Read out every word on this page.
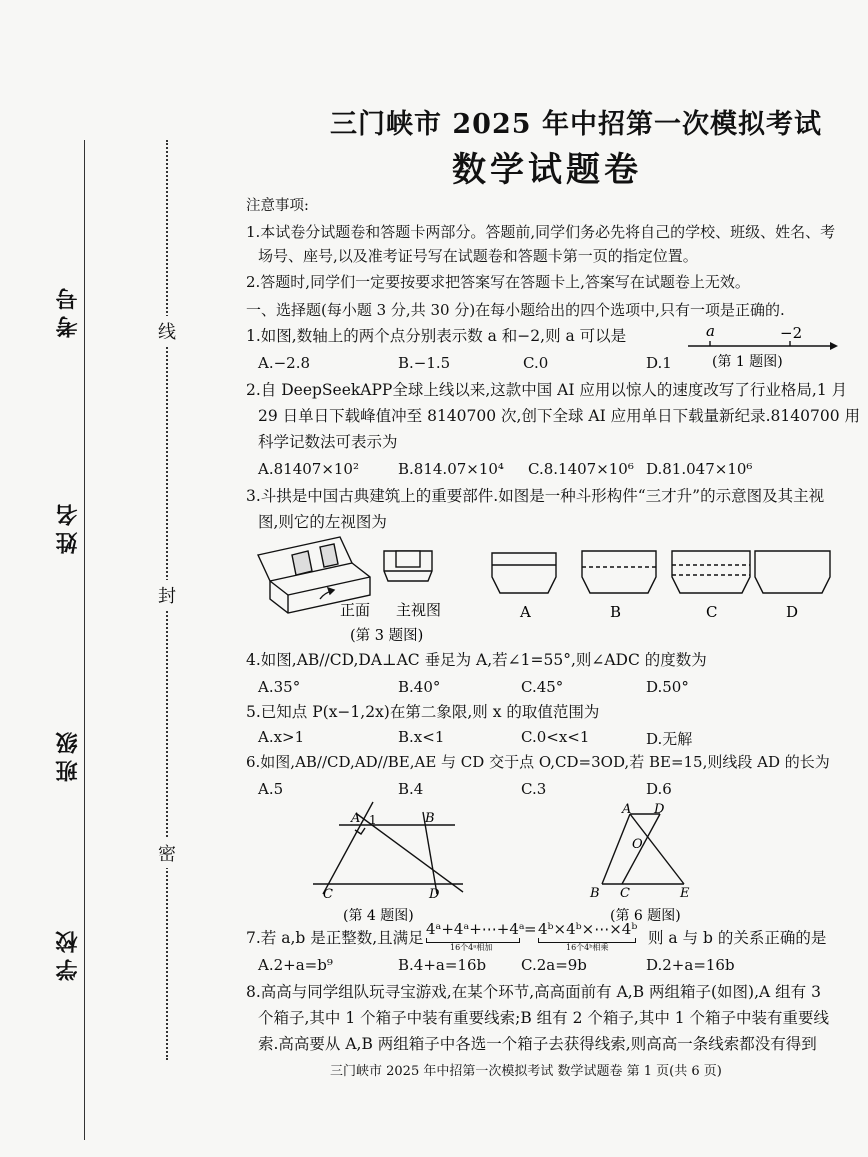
考号
姓名
班级
学校
线
封
密
三门峡市 2025 年中招第一次模拟考试
数学试题卷
注意事项:
1.本试卷分试题卷和答题卡两部分。答题前,同学们务必先将自己的学校、班级、姓名、考
场号、座号,以及准考证号写在试题卷和答题卡第一页的指定位置。
2.答题时,同学们一定要按要求把答案写在答题卡上,答案写在试题卷上无效。
一、选择题(每小题 3 分,共 30 分)在每小题给出的四个选项中,只有一项是正确的.
1.如图,数轴上的两个点分别表示数 a 和−2,则 a 可以是
A.−2.8	B.−1.5	C.0	D.1
a	−2
(第 1 题图)
2.自 DeepSeekAPP全球上线以来,这款中国 AI 应用以惊人的速度改写了行业格局,1 月
29 日单日下载峰值冲至 8140700 次,创下全球 AI 应用单日下载量新纪录.8140700 用
科学记数法可表示为
A.81407×10²	B.814.07×10⁴ C.8.1407×10⁶ D.81.047×10⁶
3.斗拱是中国古典建筑上的重要部件.如图是一种斗形构件“三才升”的示意图及其主视
图,则它的左视图为
正面 主视图	A	B	C	D
(第 3 题图)
4.如图,AB//CD,DA⊥AC 垂足为 A,若∠1=55°,则∠ADC 的度数为
A.35°	B.40°	C.45°	D.50°
5.已知点 P(x−1,2x)在第二象限,则 x 的取值范围为
A.x>1	B.x<1	C.0<x<1	D.无解
6.如图,AB//CD,AD//BE,AE 与 CD 交于点 O,CD=3OD,若 BE=15,则线段 AD 的长为
A.5	B.4	C.3	D.6
A 1	B
C	D
(第 4 题图)
A D
O
B C	E
(第 6 题图)
7.若 a,b 是正整数,且满足 4ᵃ+4ᵃ+⋯+4ᵃ
16个4ᵃ相加
= 4ᵇ×4ᵇ×⋯×4ᵇ
16个4ᵇ相乘
则 a 与 b 的关系正确的是
A.2+a=b⁹	B.4+a=16b C.2a=9b	D.2+a=16b
8.高高与同学组队玩寻宝游戏,在某个环节,高高面前有 A,B 两组箱子(如图),A 组有 3
个箱子,其中 1 个箱子中装有重要线索;B 组有 2 个箱子,其中 1 个箱子中装有重要线
索.高高要从 A,B 两组箱子中各选一个箱子去获得线索,则高高一条线索都没有得到
三门峡市 2025 年中招第一次模拟考试 数学试题卷 第 1 页(共 6 页)
